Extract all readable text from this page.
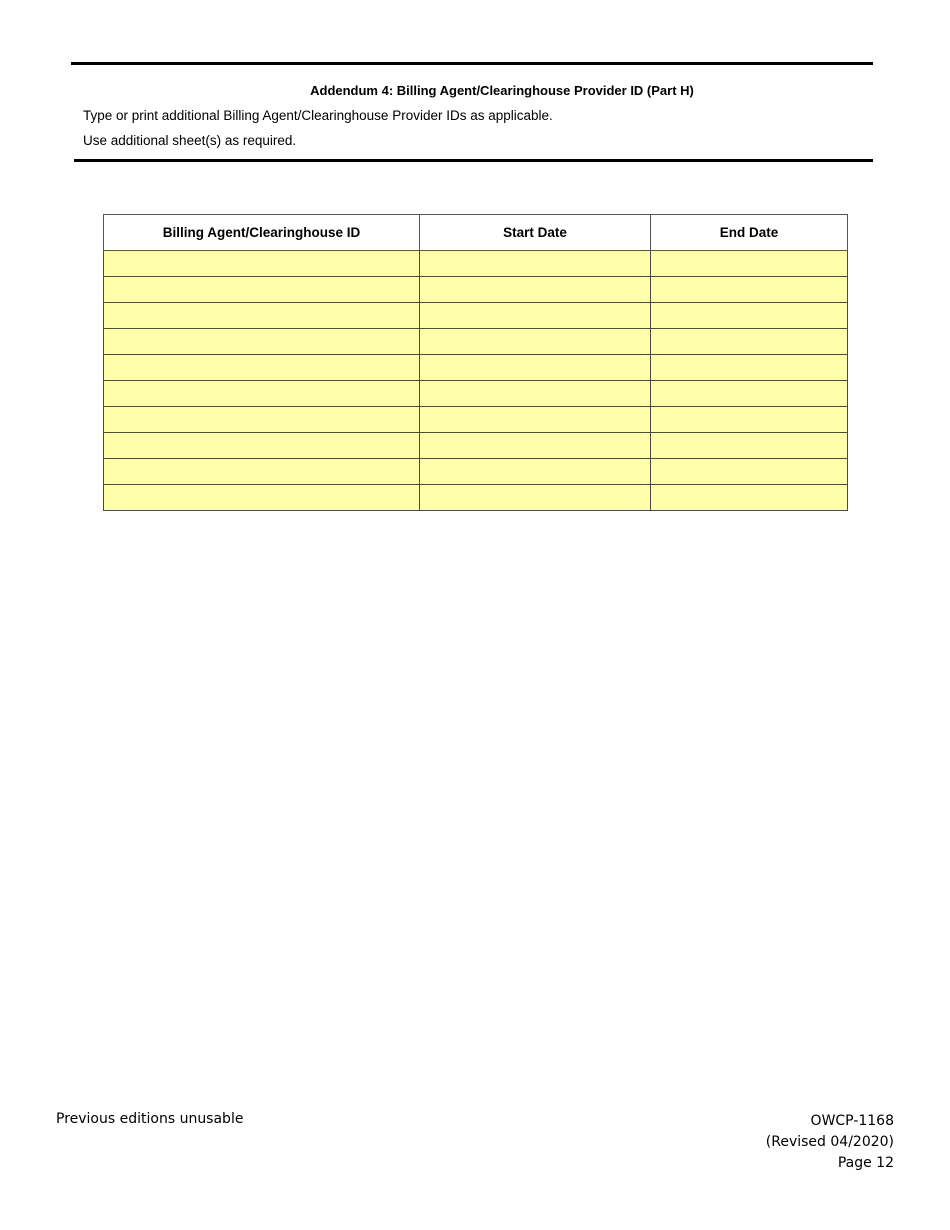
Addendum 4: Billing Agent/Clearinghouse Provider ID (Part H)
Type or print additional Billing Agent/Clearinghouse Provider IDs as applicable.
Use additional sheet(s) as required.
Billing Agent/Clearinghouse ID	Start Date	End Date

Previous editions unusable	OWCP-1168
(Revised 04/2020)
Page 12
